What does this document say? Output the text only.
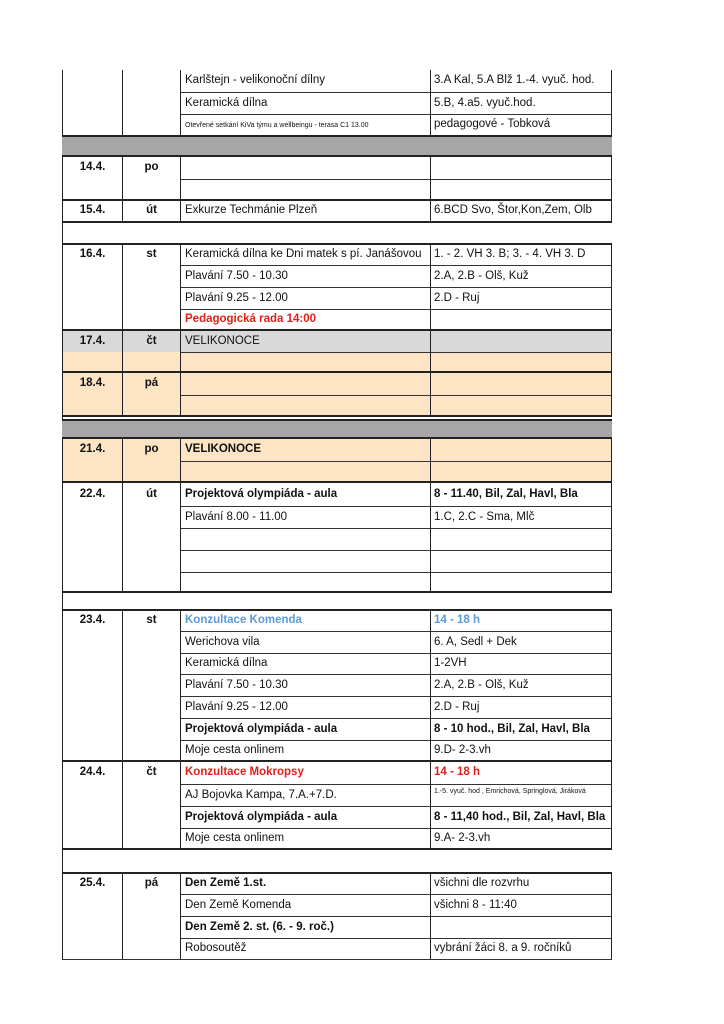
Karlštejn - velikonoční dílny	3.A Kal, 5.A Blž 1.-4. vyuč. hod.
Keramická dílna	5.B, 4.a5. vyuč.hod.
Otevřené setkání KiVa týmu a wellbeingu - terasa C1 13.00	pedagogové - Tobková
14.4.	po
15.4.	út	Exkurze Techmánie Plzeň	6.BCD Svo, Štor,Kon,Zem, Olb
16.4.	st	Keramická dílna ke Dni matek s pí. Janášovou	1. - 2. VH 3. B; 3. - 4. VH 3. D
Plavání 7.50 - 10.30	2.A, 2.B - Olš, Kuž
Plavání 9.25 - 12.00	2.D - Ruj
Pedagogická rada 14:00
17.4.	čt	VELIKONOCE
18.4.	pá
21.4.	po	VELIKONOCE
22.4.	út	Projektová olympiáda - aula	8 - 11.40, Bil, Zal, Havl, Bla
Plavání 8.00 - 11.00	1.C, 2.C - Sma, Mlč
23.4.	st	Konzultace Komenda	14 - 18 h
Werichova vila	6. A, Sedl + Dek
Keramická dílna	1-2VH
Plavání 7.50 - 10.30	2.A, 2.B - Olš, Kuž
Plavání 9.25 - 12.00	2.D - Ruj
Projektová olympiáda - aula	8 - 10 hod., Bil, Zal, Havl, Bla
Moje cesta onlinem	9.D- 2-3.vh
24.4.	čt	Konzultace Mokropsy	14 - 18 h
AJ Bojovka Kampa, 7.A.+7.D.	1.-5. vyuč. hod , Emrichová, Springlová, Jiráková
Projektová olympiáda - aula	8 - 11,40 hod., Bil, Zal, Havl, Bla
Moje cesta onlinem	9.A- 2-3.vh
25.4.	pá	Den Země 1.st.	všichni dle rozvrhu
Den Země Komenda	všichni 8 - 11:40
Den Země 2. st. (6. - 9. roč.)
Robosoutěž	vybrání žáci 8. a 9. ročníků
